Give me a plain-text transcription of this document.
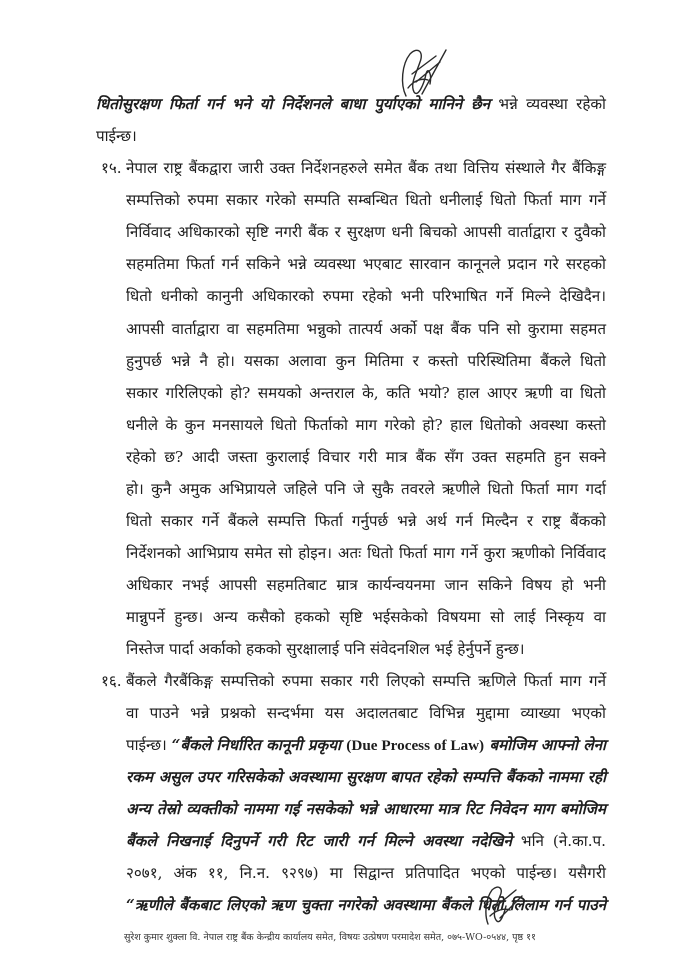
धितोसुरक्षण फिर्ता गर्न भने यो निर्देशनले बाधा पुर्याएको मानिने छैन भन्ने व्यवस्था रहेको
पाईन्छ।
१५. नेपाल राष्ट्र बैंकद्वारा जारी उक्त निर्देशनहरुले समेत बैंक तथा वित्तिय संस्थाले गैर बैंकिङ्ग
सम्पत्तिको रुपमा सकार गरेको सम्पति सम्बन्धित धितो धनीलाई धितो फिर्ता माग गर्ने
निर्विवाद अधिकारको सृष्टि नगरी बैंक र सुरक्षण धनी बिचको आपसी वार्ताद्वारा र दुवैको
सहमतिमा फिर्ता गर्न सकिने भन्ने व्यवस्था भएबाट सारवान कानूनले प्रदान गरे सरहको
धितो धनीको कानुनी अधिकारको रुपमा रहेको भनी परिभाषित गर्ने मिल्ने देखिदैन।
आपसी वार्ताद्वारा वा सहमतिमा भन्नुको तात्पर्य अर्को पक्ष बैंक पनि सो कुरामा सहमत
हुनुपर्छ भन्ने नै हो। यसका अलावा कुन मितिमा र कस्तो परिस्थितिमा बैंकले धितो
सकार गरिलिएको हो? समयको अन्तराल के, कति भयो? हाल आएर ऋणी वा धितो
धनीले के कुन मनसायले धितो फिर्ताको माग गरेको हो? हाल धितोको अवस्था कस्तो
रहेको छ? आदी जस्ता कुरालाई विचार गरी मात्र बैंक सँग उक्त सहमति हुन सक्ने
हो। कुनै अमुक अभिप्रायले जहिले पनि जे सुकै तवरले ऋणीले धितो फिर्ता माग गर्दा
धितो सकार गर्ने बैंकले सम्पत्ति फिर्ता गर्नुपर्छ भन्ने अर्थ गर्न मिल्दैन र राष्ट्र बैंकको
निर्देशनको आभिप्राय समेत सो होइन। अतः धितो फिर्ता माग गर्ने कुरा ऋणीको निर्विवाद
अधिकार नभई आपसी सहमतिबाट म्रात्र कार्यन्वयनमा जान सकिने विषय हो भनी
मान्नुपर्ने हुन्छ। अन्य कसैको हकको सृष्टि भईसकेको विषयमा सो लाई निस्कृय वा
निस्तेज पार्दा अर्काको हकको सुरक्षालाई पनि संवेदनशिल भई हेर्नुपर्ने हुन्छ।
१६. बैंकले गैरबैंकिङ्ग सम्पत्तिको रुपमा सकार गरी लिएको सम्पत्ति ऋणिले फिर्ता माग गर्ने
वा पाउने भन्ने प्रश्नको सन्दर्भमा यस अदालतबाट विभिन्न मुद्दामा व्याख्या भएको
पाईन्छ। “बैंकले निर्धारित कानूनी प्रकृया (Due Process of Law) बमोजिम आफ्नो लेना
रकम असुल उपर गरिसकेको अवस्थामा सुरक्षण बापत रहेको सम्पत्ति बैंकको नाममा रही
अन्य तेस्रो व्यक्तीको नाममा गई नसकेको भन्ने आधारमा मात्र रिट निवेदन माग बमोजिम
बैंकले निखनाई दिनुपर्ने गरी रिट जारी गर्न मिल्ने अवस्था नदेखिने भनि (ने.का.प.
२०७१, अंक ११, नि.न. ९२९७) मा सिद्वान्त प्रतिपादित भएको पाईन्छ। यसैगरी
“ऋणीले बैंकबाट लिएको ऋण चुक्ता नगरेको अवस्थामा बैंकले धितो लिलाम गर्न पाउने
सुरेश कुमार शुक्ला वि. नेपाल राष्ट्र बैंक केन्द्रीय कार्यालय समेत, विषयः उत्प्रेषण परमादेश समेत, ०७५-WO-०५४४, पृष्ठ ११
